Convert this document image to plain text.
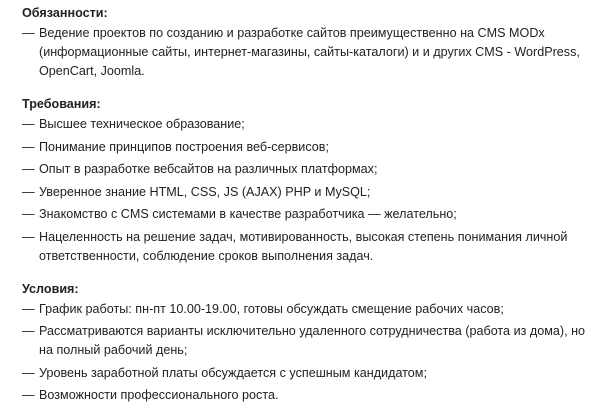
Обязанности:
— Ведение проектов по созданию и разработке сайтов преимущественно на CMS MODx
(информационные сайты, интернет-магазины, сайты-каталоги) и и других CMS - WordPress,
OpenCart, Joomla.
Требования:
— Высшее техническое образование;
— Понимание принципов построения веб-сервисов;
— Опыт в разработке вебсайтов на различных платформах;
— Уверенное знание HTML, CSS, JS (AJAX) PHP и MySQL;
— Знакомство с CMS системами в качестве разработчика — желательно;
— Нацеленность на решение задач, мотивированность, высокая степень понимания личной
ответственности, соблюдение сроков выполнения задач.
Условия:
— График работы: пн-пт 10.00-19.00, готовы обсуждать смещение рабочих часов;
— Рассматриваются варианты исключительно удаленного сотрудничества (работа из дома), но
на полный рабочий день;
— Уровень заработной платы обсуждается с успешным кандидатом;
— Возможности профессионального роста.
